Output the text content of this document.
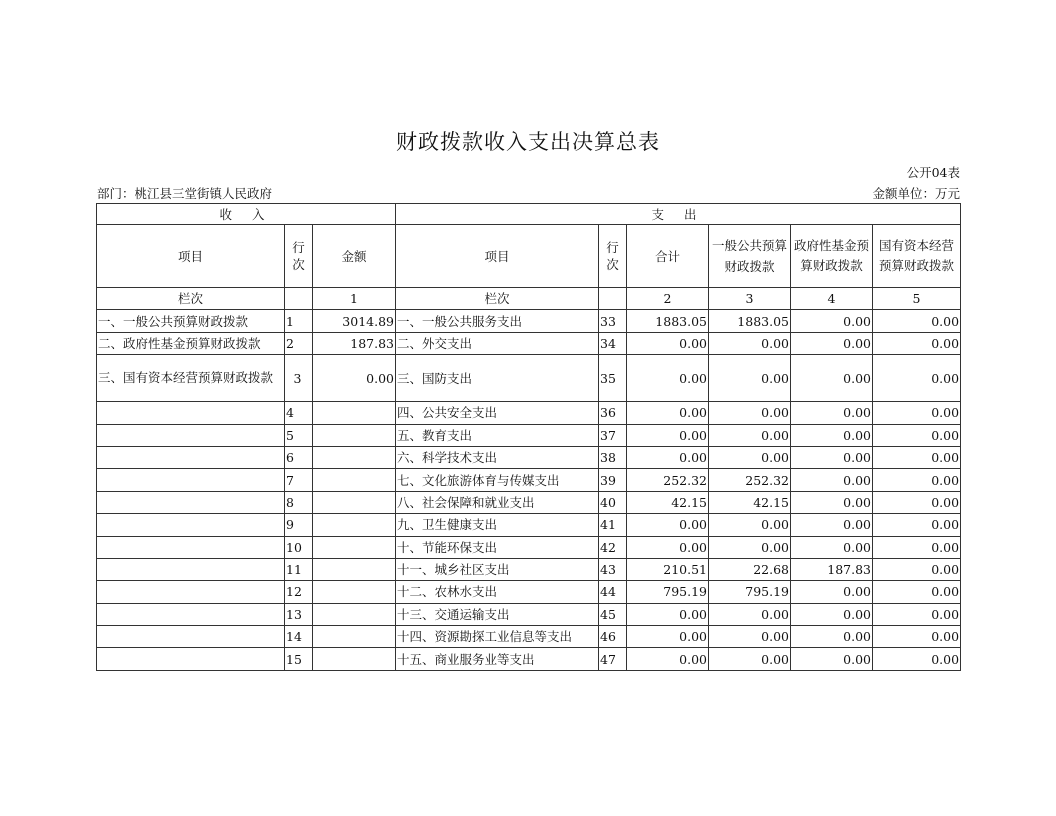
财政拨款收入支出决算总表
公开04表
部门：桃江县三堂街镇人民政府	金额单位：万元
收 入			支 出					
项目	行次	金额	项目	行次	合计	一般公共预算财政拨款	政府性基金预算财政拨款	国有资本经营预算财政拨款
栏次		1	栏次		2	3	4	5
一、一般公共预算财政拨款	1	3014.89	一、一般公共服务支出	33	1883.05	1883.05	0.00	0.00
二、政府性基金预算财政拨款	2	187.83	二、外交支出	34	0.00	0.00	0.00	0.00
三、国有资本经营预算财政拨款	3	0.00	三、国防支出	35	0.00	0.00	0.00	0.00
	4		四、公共安全支出	36	0.00	0.00	0.00	0.00
	5		五、教育支出	37	0.00	0.00	0.00	0.00
	6		六、科学技术支出	38	0.00	0.00	0.00	0.00
	7		七、文化旅游体育与传媒支出	39	252.32	252.32	0.00	0.00
	8		八、社会保障和就业支出	40	42.15	42.15	0.00	0.00
	9		九、卫生健康支出	41	0.00	0.00	0.00	0.00
	10		十、节能环保支出	42	0.00	0.00	0.00	0.00
	11		十一、城乡社区支出	43	210.51	22.68	187.83	0.00
	12		十二、农林水支出	44	795.19	795.19	0.00	0.00
	13		十三、交通运输支出	45	0.00	0.00	0.00	0.00
	14		十四、资源勘探工业信息等支出	46	0.00	0.00	0.00	0.00
	15		十五、商业服务业等支出	47	0.00	0.00	0.00	0.00
